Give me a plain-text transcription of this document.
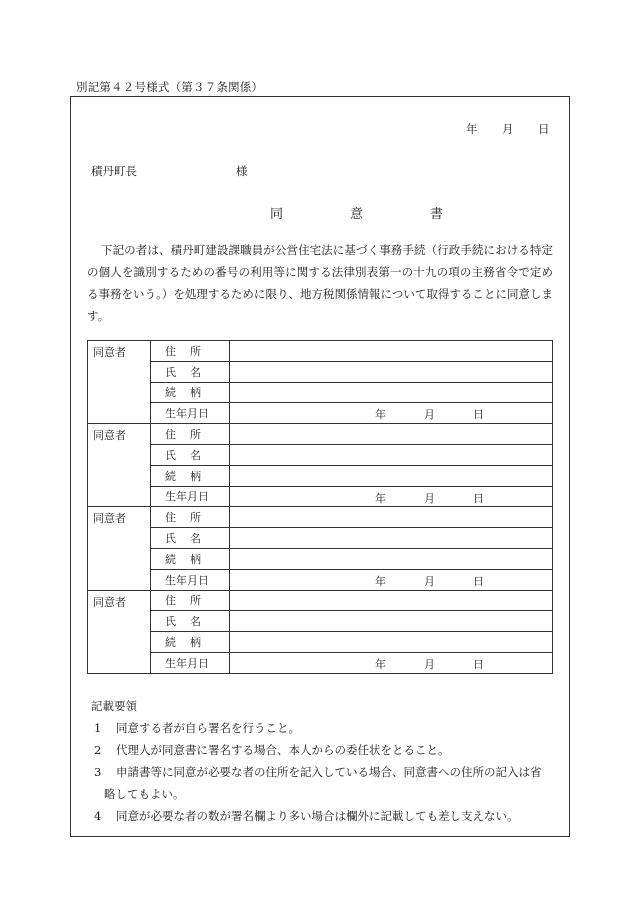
別記第４２号様式（第３７条関係）
年 月 日
積丹町長	様
同　意　書
下記の者は、積丹町建設課職員が公営住宅法に基づく事務手続（行政手続における特定の個人を識別するための番号の利用等に関する法律別表第一の十九の項の主務省令で定める事務をいう。）を処理するために限り、地方税関係情報について取得することに同意します。
同意者	住所	
	氏名	
	続柄	
	生年月日	年 月 日

同意者	住所	
	氏名	
	続柄	
	生年月日	年 月 日

同意者	住所	
	氏名	
	続柄	
	生年月日	年 月 日

同意者	住所	
	氏名	
	続柄	
	生年月日	年 月 日
記載要領
1 同意する者が自ら署名を行うこと。
2 代理人が同意書に署名する場合、本人からの委任状をとること。
3 申請書等に同意が必要な者の住所を記入している場合、同意書への住所の記入は省
略してもよい。
4 同意が必要な者の数が署名欄より多い場合は欄外に記載しても差し支えない。
